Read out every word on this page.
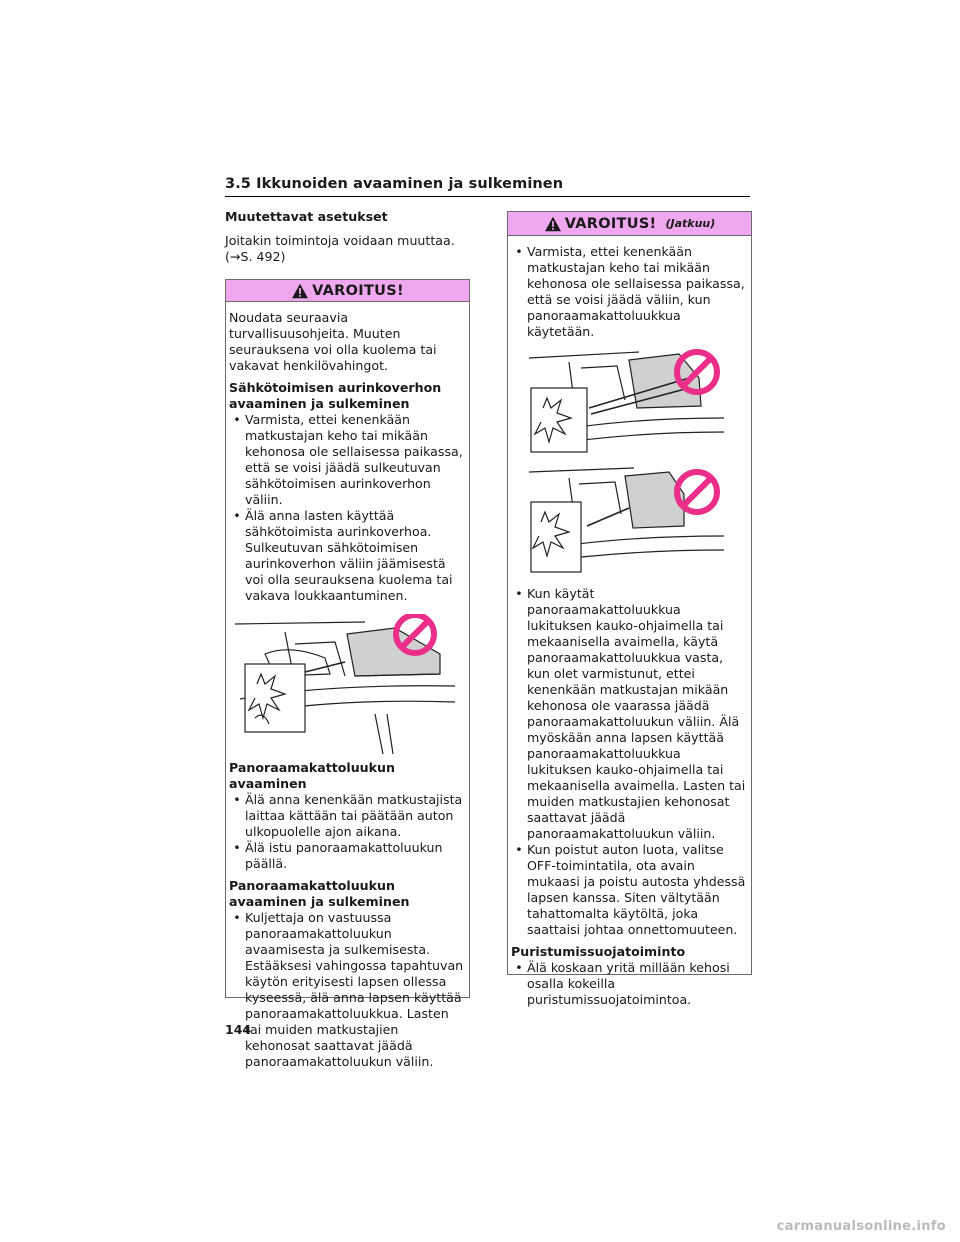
3.5 Ikkunoiden avaaminen ja sulkeminen

Muutettavat asetukset

Joitakin toimintoja voidaan muuttaa.

(→S. 492)

VAROITUS!

Noudata seuraavia turvallisuusohjeita. Muuten seurauksena voi olla kuolema tai vakavat henkilövahingot.

Sähkötoimisen aurinkoverhon avaaminen ja sulkeminen

• Varmista, ettei kenenkään matkustajan keho tai mikään kehonosa ole sellaisessa paikassa, että se voisi jäädä sulkeutuvan sähkötoimisen aurinkoverhon väliin.
• Älä anna lasten käyttää sähkötoimista aurinkoverhoa. Sulkeutuvan sähkötoimisen aurinkoverhon väliin jäämisestä voi olla seurauksena kuolema tai vakava loukkaantuminen.

Panoraamakattoluukun avaaminen

• Älä anna kenenkään matkustajista laittaa kättään tai päätään auton ulkopuolelle ajon aikana.
• Älä istu panoraamakattoluukun päällä.

Panoraamakattoluukun avaaminen ja sulkeminen

• Kuljettaja on vastuussa panoraamakattoluukun avaamisesta ja sulkemisesta. Estääksesi vahingossa tapahtuvan käytön erityisesti lapsen ollessa kyseessä, älä anna lapsen käyttää panoraamakattoluukkua. Lasten tai muiden matkustajien kehonosat saattavat jäädä panoraamakattoluukun väliin.
VAROITUS! (Jatkuu)
• Varmista, ettei kenenkään matkustajan keho tai mikään kehonosa ole sellaisessa paikassa, että se voisi jäädä väliin, kun panoraamakattoluukkua käytetään.
• Kun käytät panoraamakattoluukkua lukituksen kauko-ohjaimella tai mekaanisella avaimella, käytä panoraamakattoluukkua vasta, kun olet varmistunut, ettei kenenkään matkustajan mikään kehonosa ole vaarassa jäädä panoraamakattoluukun väliin. Älä myöskään anna lapsen käyttää panoraamakattoluukkua lukituksen kauko-ohjaimella tai mekaanisella avaimella. Lasten tai muiden matkustajien kehonosat saattavat jäädä panoraamakattoluukun väliin.
• Kun poistut auton luota, valitse OFF-toimintatila, ota avain mukaasi ja poistu autosta yhdessä lapsen kanssa. Siten vältytään tahattomalta käytöltä, joka saattaisi johtaa onnettomuuteen.

Puristumissuojatoiminto

• Älä koskaan yritä millään kehosi osalla kokeilla puristumissuojatoimintoa.
144
carmanualsonline.info
